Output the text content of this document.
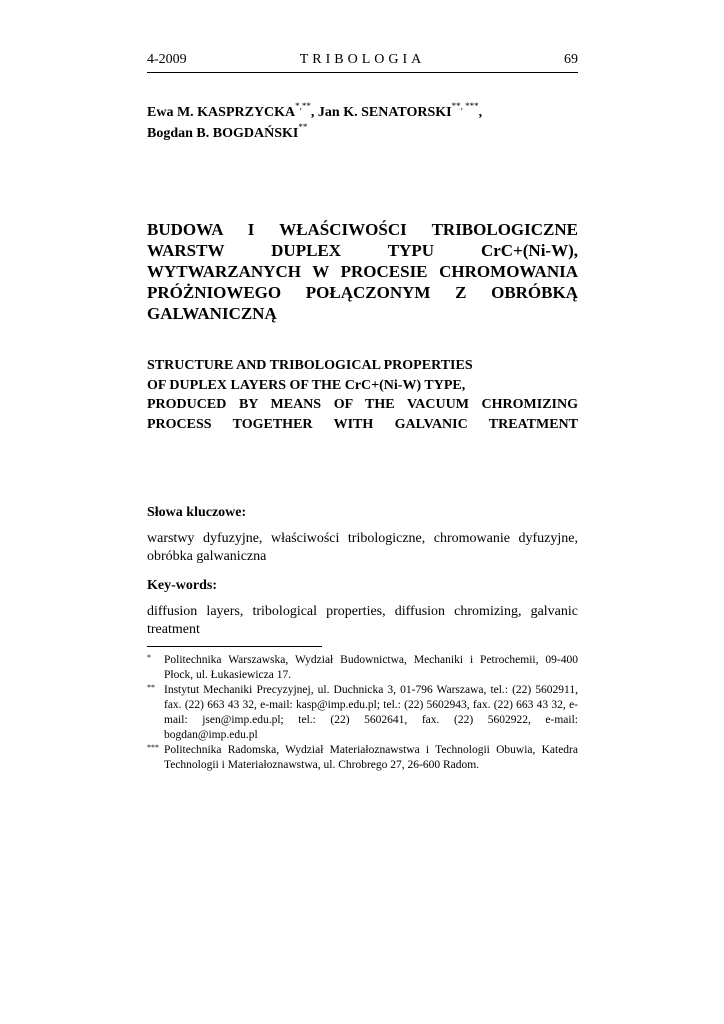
4-2009	TRIBOLOGIA	69
Ewa M. KASPRZYCKA*,**, Jan K. SENATORSKI**, ***,
Bogdan B. BOGDAŃSKI**
BUDOWA I WŁAŚCIWOŚCI TRIBOLOGICZNE
WARSTW DUPLEX TYPU CrC+(Ni-W),
WYTWARZANYCH W PROCESIE CHROMOWANIA
PRÓŻNIOWEGO POŁĄCZONYM Z OBRÓBKĄ
GALWANICZNĄ
STRUCTURE AND TRIBOLOGICAL PROPERTIES
OF DUPLEX LAYERS OF THE CrC+(Ni-W) TYPE,
PRODUCED BY MEANS OF THE VACUUM CHROMIZING
PROCESS TOGETHER WITH GALVANIC TREATMENT
Słowa kluczowe:
warstwy dyfuzyjne, właściwości tribologiczne, chromowanie dyfuzyjne, obróbka galwaniczna
Key-words:
diffusion layers, tribological properties, diffusion chromizing, galvanic treatment
* Politechnika Warszawska, Wydział Budownictwa, Mechaniki i Petrochemii, 09-400 Płock, ul. Łukasiewicza 17.
** Instytut Mechaniki Precyzyjnej, ul. Duchnicka 3, 01-796 Warszawa, tel.: (22) 5602911, fax. (22) 663 43 32, e-mail: kasp@imp.edu.pl; tel.: (22) 5602943, fax. (22) 663 43 32, e-mail: jsen@imp.edu.pl; tel.: (22) 5602641, fax. (22) 5602922, e-mail: bogdan@imp.edu.pl
*** Politechnika Radomska, Wydział Materiałoznawstwa i Technologii Obuwia, Katedra Technologii i Materiałoznawstwa, ul. Chrobrego 27, 26-600 Radom.
